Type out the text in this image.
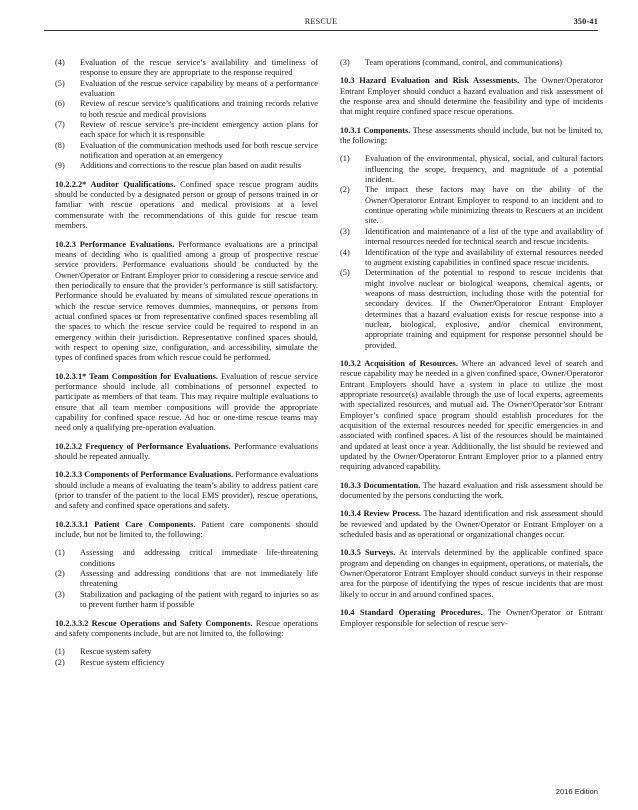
RESCUE	350-41
(4) Evaluation of the rescue service’s availability and timeliness of response to ensure they are appropriate to the response required
(5) Evaluation of the rescue service capability by means of a performance evaluation
(6) Review of rescue service’s qualifications and training records relative to both rescue and medical provisions
(7) Review of rescue service’s pre-incident emergency action plans for each space for which it is responsible
(8) Evaluation of the communication methods used for both rescue service notification and operation at an emergency
(9) Additions and corrections to the rescue plan based on audit results

10.2.2.2* Auditor Qualifications. Confined space rescue program audits should be conducted by a designated person or group of persons trained in or familiar with rescue operations and medical provisions at a level commensurate with the recommendations of this guide for rescue team members.

10.2.3 Performance Evaluations. Performance evaluations are a principal means of deciding who is qualified among a group of prospective rescue service providers. Performance evaluations should be conducted by the Owner/Operator or Entrant Employer prior to considering a rescue service and then periodically to ensure that the provider’s performance is still satisfactory. Performance should be evaluated by means of simulated rescue operations in which the rescue service removes dummies, mannequins, or persons from actual confined spaces or from representative confined spaces resembling all the spaces to which the rescue service could be required to respond in an emergency within their jurisdiction. Representative confined spaces should, with respect to opening size, configuration, and accessibility, simulate the types of confined spaces from which rescue could be performed.

10.2.3.1* Team Composition for Evaluations. Evaluation of rescue service performance should include all combinations of personnel expected to participate as members of that team. This may require multiple evaluations to ensure that all team member compositions will provide the appropriate capability for confined space rescue. Ad hoc or one-time rescue teams may need only a qualifying pre-operation evaluation.

10.2.3.2 Frequency of Performance Evaluations. Performance evaluations should be repeated annually.

10.2.3.3 Components of Performance Evaluations. Performance evaluations should include a means of evaluating the team’s ability to address patient care (prior to transfer of the patient to the local EMS provider), rescue operations, and safety and confined space operations and safety.

10.2.3.3.1 Patient Care Components. Patient care components should include, but not be limited to, the following:

(1) Assessing and addressing critical immediate life-threatening conditions
(2) Assessing and addressing conditions that are not immediately life threatening
(3) Stabilization and packaging of the patient with regard to injuries so as to prevent further harm if possible

10.2.3.3.2 Rescue Operations and Safety Components. Rescue operations and safety components include, but are not limited to, the following:

(1) Rescue system safety
(2) Rescue system efficiency
(3) Team operations (command, control, and communications)

10.3 Hazard Evaluation and Risk Assessments. The Owner/Operatoror Entrant Employer should conduct a hazard evaluation and risk assessment of the response area and should determine the feasibility and type of incidents that might require confined space rescue operations.

10.3.1 Components. These assessments should include, but not be limited to, the following:

(1) Evaluation of the environmental, physical, social, and cultural factors influencing the scope, frequency, and magnitude of a potential incident.
(2) The impact these factors may have on the ability of the Owner/Operatoror Entrant Employer to respond to an incident and to continue operating while minimizing threats to Rescuers at an incident site.
(3) Identification and maintenance of a list of the type and availability of internal resources needed for technical search and rescue incidents.
(4) Identification of the type and availability of external resources needed to augment existing capabilities in confined space rescue incidents.
(5) Determination of the potential to respond to rescue incidents that might involve nuclear or biological weapons, chemical agents, or weapons of mass destruction, including those with the potential for secondary devices. If the Owner/Operatoror Entrant Employer determines that a hazard evaluation exists for rescue response into a nuclear, biological, explosive, and/or chemical environment, appropriate training and equipment for response personnel should be provided.

10.3.2 Acquisition of Resources. Where an advanced level of search and rescue capability may be needed in a given confined space, Owner/Operatoror Entrant Employers should have a system in place to utilize the most appropriate resource(s) available through the use of local experts, agreements with specialized resources, and mutual aid. The Owner/Operator’sor Entrant Employer’s confined space program should establish procedures for the acquisition of the external resources needed for specific emergencies in and associated with confined spaces. A list of the resources should be maintained and updated at least once a year. Additionally, the list should be reviewed and updated by the Owner/Operatoror Entrant Employer prior to a planned entry requiring advanced capability.

10.3.3 Documentation. The hazard evaluation and risk assessment should be documented by the persons conducting the work.

10.3.4 Review Process. The hazard identification and risk assessment should be reviewed and updated by the Owner/Operator or Entrant Employer on a scheduled basis and as operational or organizational changes occur.

10.3.5 Surveys. At intervals determined by the applicable confined space program and depending on changes in equipment, operations, or materials, the Owner/Operatoror Entrant Employer should conduct surveys in their response area for the purpose of identifying the types of rescue incidents that are most likely to occur in and around confined spaces.

10.4 Standard Operating Procedures. The Owner/Operator or Entrant Employer responsible for selection of rescue serv-

2016 Edition
